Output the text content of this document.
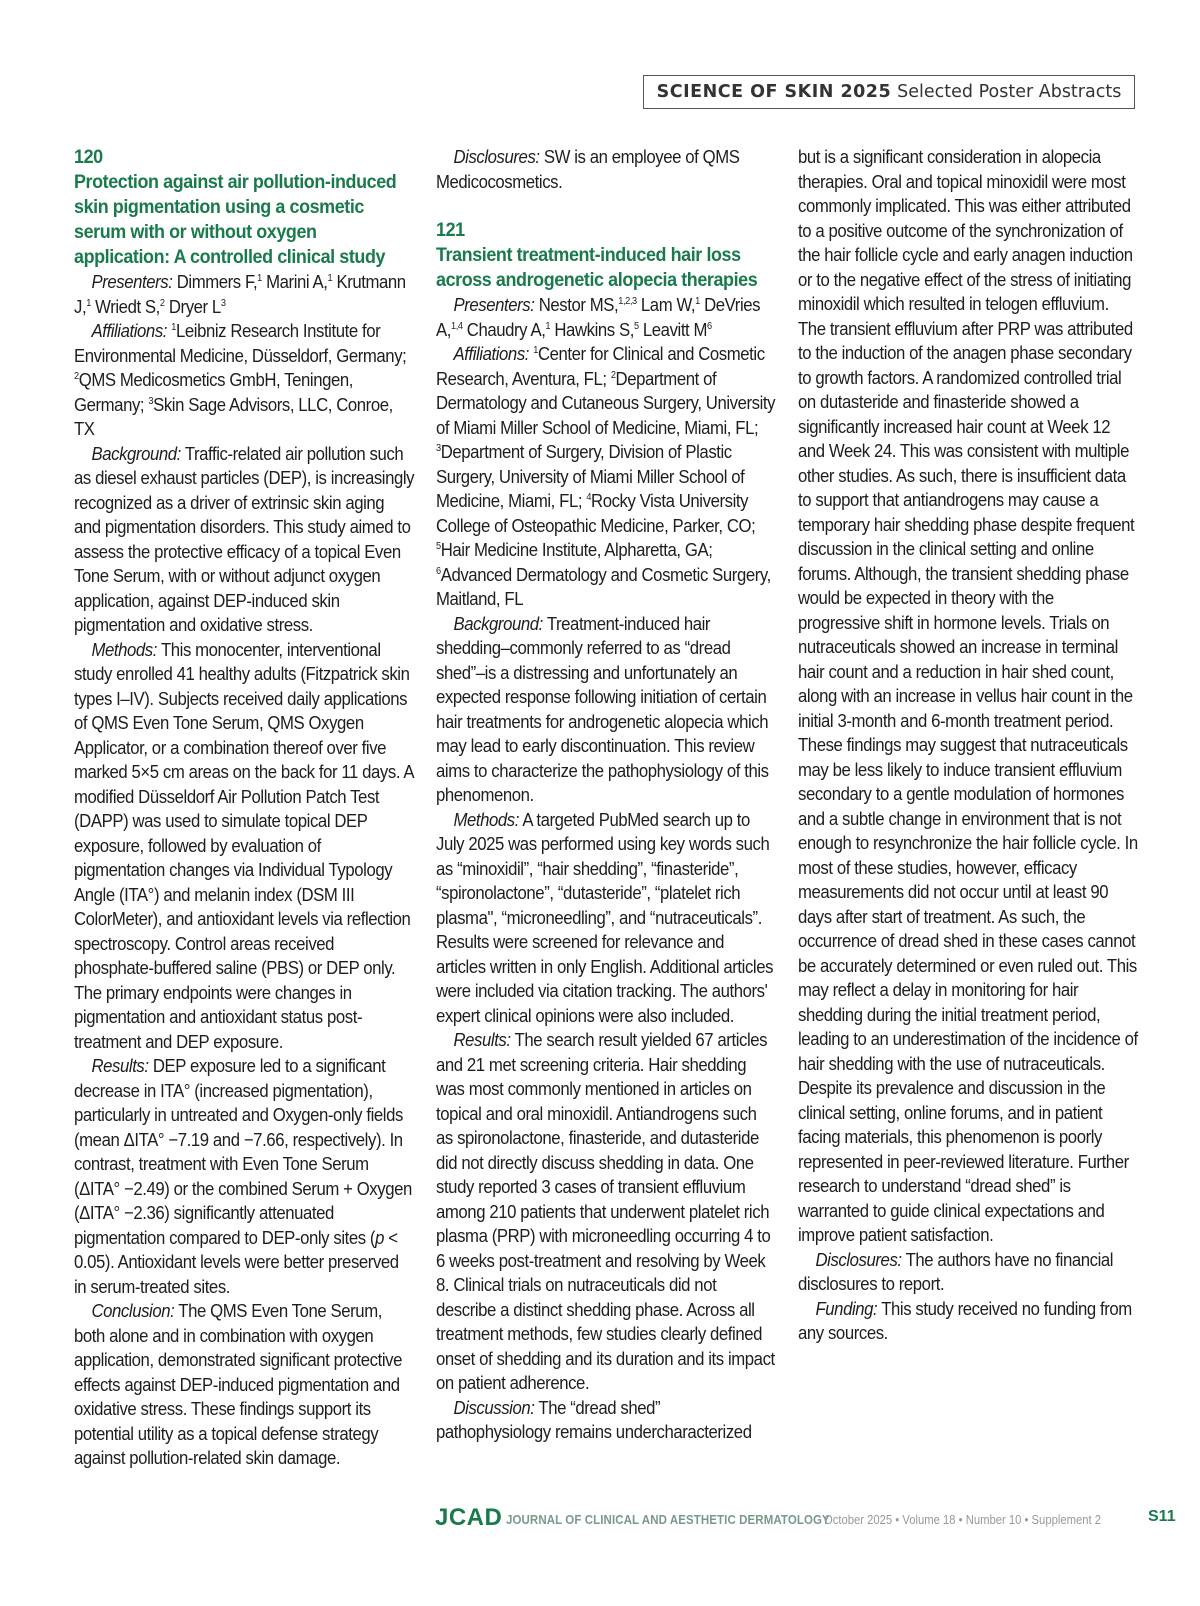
SCIENCE OF SKIN 2025 Selected Poster Abstracts
120
Protection against air pollution-induced skin pigmentation using a cosmetic serum with or without oxygen application: A controlled clinical study

Presenters: Dimmers F,$^1$ Marini A,$^1$ Krutmann J,$^1$ Wriedt S,$^2$ Dryer $L^3$

Affiliations: $^1$Leibniz Research Institute for Environmental Medicine, Düsseldorf, Germany; $^2$QMS Medicosmetics GmbH, Teningen, Germany; $^3$Skin Sage Advisors, LLC, Conroe, TX

Background: Traffic-related air pollution such as diesel exhaust particles (DEP), is increasingly recognized as a driver of extrinsic skin aging and pigmentation disorders. This study aimed to assess the protective efficacy of a topical Even Tone Serum, with or without adjunct oxygen application, against DEP-induced skin pigmentation and oxidative stress.

Methods: This monocenter, interventional study enrolled 41 healthy adults (Fitzpatrick skin types I–IV). Subjects received daily applications of QMS Even Tone Serum, QMS Oxygen Applicator, or a combination thereof over five marked 5×5 cm areas on the back for 11 days. A modified Düsseldorf Air Pollution Patch Test (DAPP) was used to simulate topical DEP exposure, followed by evaluation of pigmentation changes via Individual Typology Angle (ITA°) and melanin index (DSM III ColorMeter), and antioxidant levels via reflection spectroscopy. Control areas received phosphate-buffered saline (PBS) or DEP only. The primary endpoints were changes in pigmentation and antioxidant status post-treatment and DEP exposure.

Results: DEP exposure led to a significant decrease in ITA° (increased pigmentation), particularly in untreated and Oxygen-only fields (mean ΔITA° −7.19 and −7.66, respectively). In contrast, treatment with Even Tone Serum (ΔITA° −2.49) or the combined Serum + Oxygen (ΔITA° −2.36) significantly attenuated pigmentation compared to DEP-only sites (p < 0.05). Antioxidant levels were better preserved in serum-treated sites.

Conclusion: The QMS Even Tone Serum, both alone and in combination with oxygen application, demonstrated significant protective effects against DEP-induced pigmentation and oxidative stress. These findings support its potential utility as a topical defense strategy against pollution-related skin damage.

Disclosures: SW is an employee of QMS Medicocosmetics.

121
Transient treatment-induced hair loss across androgenetic alopecia therapies

Presenters: Nestor MS,$^{1,2,3}$ Lam W,$^1$ DeVries A,$^{1,4}$ Chaudry A,$^1$ Hawkins S,$^5$ Leavitt $M^6$

Affiliations: $^1$Center for Clinical and Cosmetic Research, Aventura, FL; $^2$Department of Dermatology and Cutaneous Surgery, University of Miami Miller School of Medicine, Miami, FL; $^3$Department of Surgery, Division of Plastic Surgery, University of Miami Miller School of Medicine, Miami, FL; $^4$Rocky Vista University College of Osteopathic Medicine, Parker, CO; $^5$Hair Medicine Institute, Alpharetta, GA; $^6$Advanced Dermatology and Cosmetic Surgery, Maitland, FL

Background: Treatment-induced hair shedding–commonly referred to as “dread shed”–is a distressing and unfortunately an expected response following initiation of certain hair treatments for androgenetic alopecia which may lead to early discontinuation. This review aims to characterize the pathophysiology of this phenomenon.

Methods: A targeted PubMed search up to July 2025 was performed using key words such as “minoxidil”, “hair shedding”, “finasteride”, “spironolactone”, “dutasteride”, “platelet rich plasma", “microneedling”, and “nutraceuticals”. Results were screened for relevance and articles written in only English. Additional articles were included via citation tracking. The authors' expert clinical opinions were also included.

Results: The search result yielded 67 articles and 21 met screening criteria. Hair shedding was most commonly mentioned in articles on topical and oral minoxidil. Antiandrogens such as spironolactone, finasteride, and dutasteride did not directly discuss shedding in data. One study reported 3 cases of transient effluvium among 210 patients that underwent platelet rich plasma (PRP) with microneedling occurring 4 to 6 weeks post-treatment and resolving by Week 8. Clinical trials on nutraceuticals did not describe a distinct shedding phase. Across all treatment methods, few studies clearly defined onset of shedding and its duration and its impact on patient adherence.

Discussion: The “dread shed” pathophysiology remains undercharacterized

but is a significant consideration in alopecia therapies. Oral and topical minoxidil were most commonly implicated. This was either attributed to a positive outcome of the synchronization of the hair follicle cycle and early anagen induction or to the negative effect of the stress of initiating minoxidil which resulted in telogen effluvium. The transient effluvium after PRP was attributed to the induction of the anagen phase secondary to growth factors. A randomized controlled trial on dutasteride and finasteride showed a significantly increased hair count at Week 12 and Week 24. This was consistent with multiple other studies. As such, there is insufficient data to support that antiandrogens may cause a temporary hair shedding phase despite frequent discussion in the clinical setting and online forums. Although, the transient shedding phase would be expected in theory with the progressive shift in hormone levels. Trials on nutraceuticals showed an increase in terminal hair count and a reduction in hair shed count, along with an increase in vellus hair count in the initial 3-month and 6-month treatment period. These findings may suggest that nutraceuticals may be less likely to induce transient effluvium secondary to a gentle modulation of hormones and a subtle change in environment that is not enough to resynchronize the hair follicle cycle. In most of these studies, however, efficacy measurements did not occur until at least 90 days after start of treatment. As such, the occurrence of dread shed in these cases cannot be accurately determined or even ruled out. This may reflect a delay in monitoring for hair shedding during the initial treatment period, leading to an underestimation of the incidence of hair shedding with the use of nutraceuticals. Despite its prevalence and discussion in the clinical setting, online forums, and in patient facing materials, this phenomenon is poorly represented in peer-reviewed literature. Further research to understand “dread shed” is warranted to guide clinical expectations and improve patient satisfaction.

Disclosures: The authors have no financial disclosures to report.

Funding: This study received no funding from any sources.

JCAD JOURNAL OF CLINICAL AND AESTHETIC DERMATOLOGY
October 2025 • Volume 18 • Number 10 • Supplement 2	S11
